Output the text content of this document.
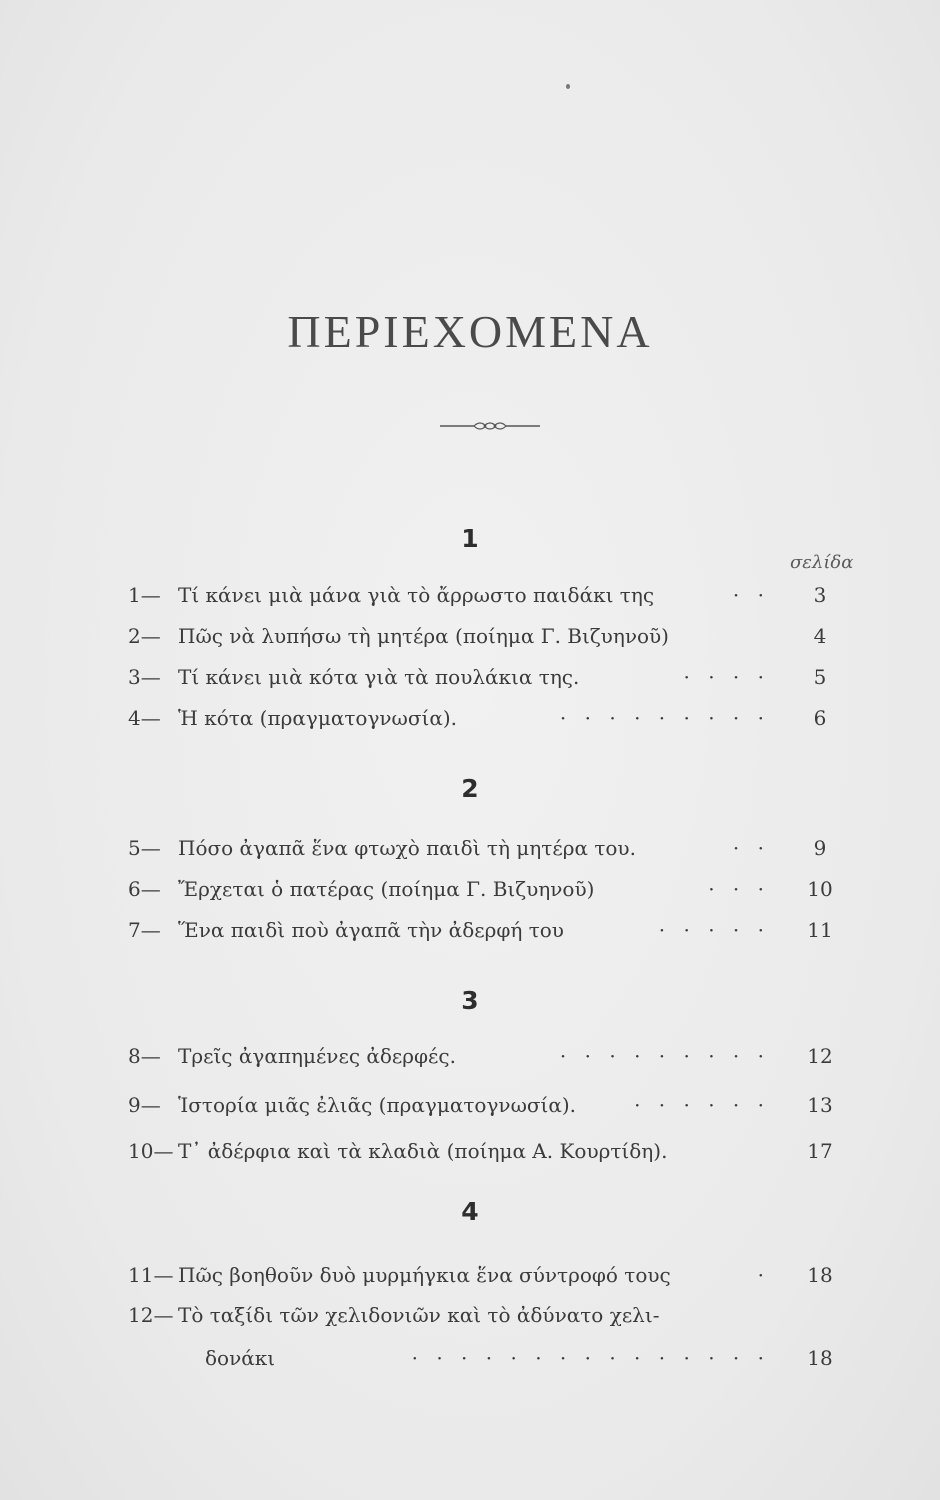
ΠΕΡΙΕΧΟΜΕΝΑ
1
σελίδα
1— Τί κάνει μιὰ μάνα γιὰ τὸ ἄρρωστο παιδάκι της	· ·	3
2— Πῶς νὰ λυπήσω τὴ μητέρα (ποίημα Γ. Βιζυηνοῦ)	4
3— Τί κάνει μιὰ κότα γιὰ τὰ πουλάκια της.	· · · ·	5
4— Ἡ κότα (πραγματογνωσία).	· · · · · · · · ·	6
2
5— Πόσο ἀγαπᾶ ἕνα φτωχὸ παιδὶ τὴ μητέρα του.	· ·	9
6— Ἔρχεται ὁ πατέρας (ποίημα Γ. Βιζυηνοῦ)	· · ·	10
7— Ἕνα παιδὶ ποὺ ἀγαπᾶ τὴν ἀδερφή του	· · · · ·	11
3
8— Τρεῖς ἀγαπημένες ἀδερφές.	· · · · · · · · ·	12
9— Ἱστορία μιᾶς ἐλιᾶς (πραγματογνωσία).	· · · · · ·	13
10— Τ᾽ ἀδέρφια καὶ τὰ κλαδιὰ (ποίημα Α. Κουρτίδη).	17
4
11— Πῶς βοηθοῦν δυὸ μυρμήγκια ἕνα σύντροφό τους	·	18
12— Τὸ ταξίδι τῶν χελιδονιῶν καὶ τὸ ἀδύνατο χελι-
δονάκι	· · · · · · · · · · · · · · ·	18
